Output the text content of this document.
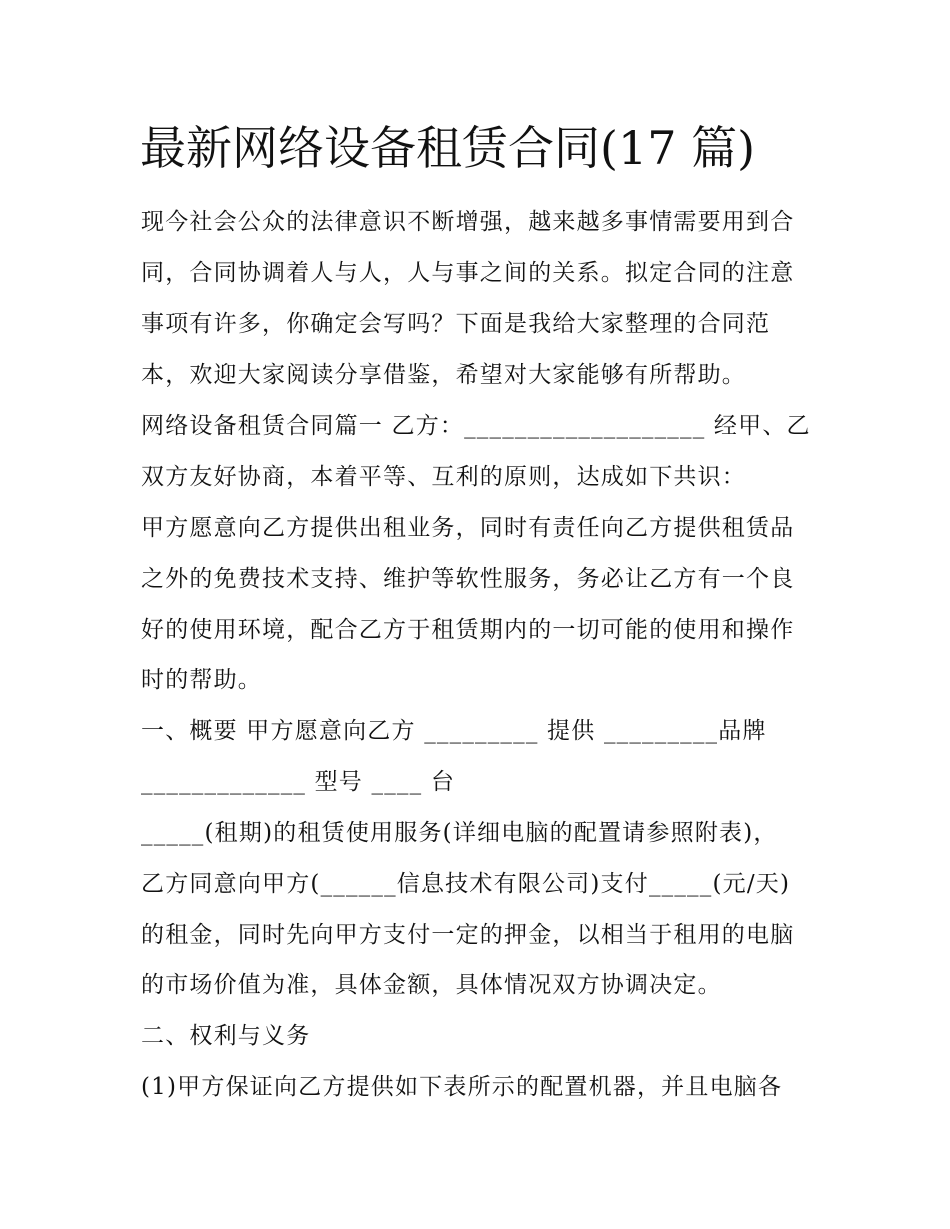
最新网络设备租赁合同(17 篇)
现今社会公众的法律意识不断增强，越来越多事情需要用到合
同，合同协调着人与人，人与事之间的关系。拟定合同的注意
事项有许多，你确定会写吗？下面是我给大家整理的合同范
本，欢迎大家阅读分享借鉴，希望对大家能够有所帮助。
网络设备租赁合同篇一 乙方：___________________ 经甲、乙
双方友好协商，本着平等、互利的原则，达成如下共识：
甲方愿意向乙方提供出租业务，同时有责任向乙方提供租赁品
之外的免费技术支持、维护等软性服务，务必让乙方有一个良
好的使用环境，配合乙方于租赁期内的一切可能的使用和操作
时的帮助。
一、概要 甲方愿意向乙方 _________ 提供 _________品牌
_____________ 型号 ____ 台
_____(租期)的租赁使用服务(详细电脑的配置请参照附表)，
乙方同意向甲方(______信息技术有限公司)支付_____(元/天)
的租金，同时先向甲方支付一定的押金，以相当于租用的电脑
的市场价值为准，具体金额，具体情况双方协调决定。
二、权利与义务
(1)甲方保证向乙方提供如下表所示的配置机器，并且电脑各
